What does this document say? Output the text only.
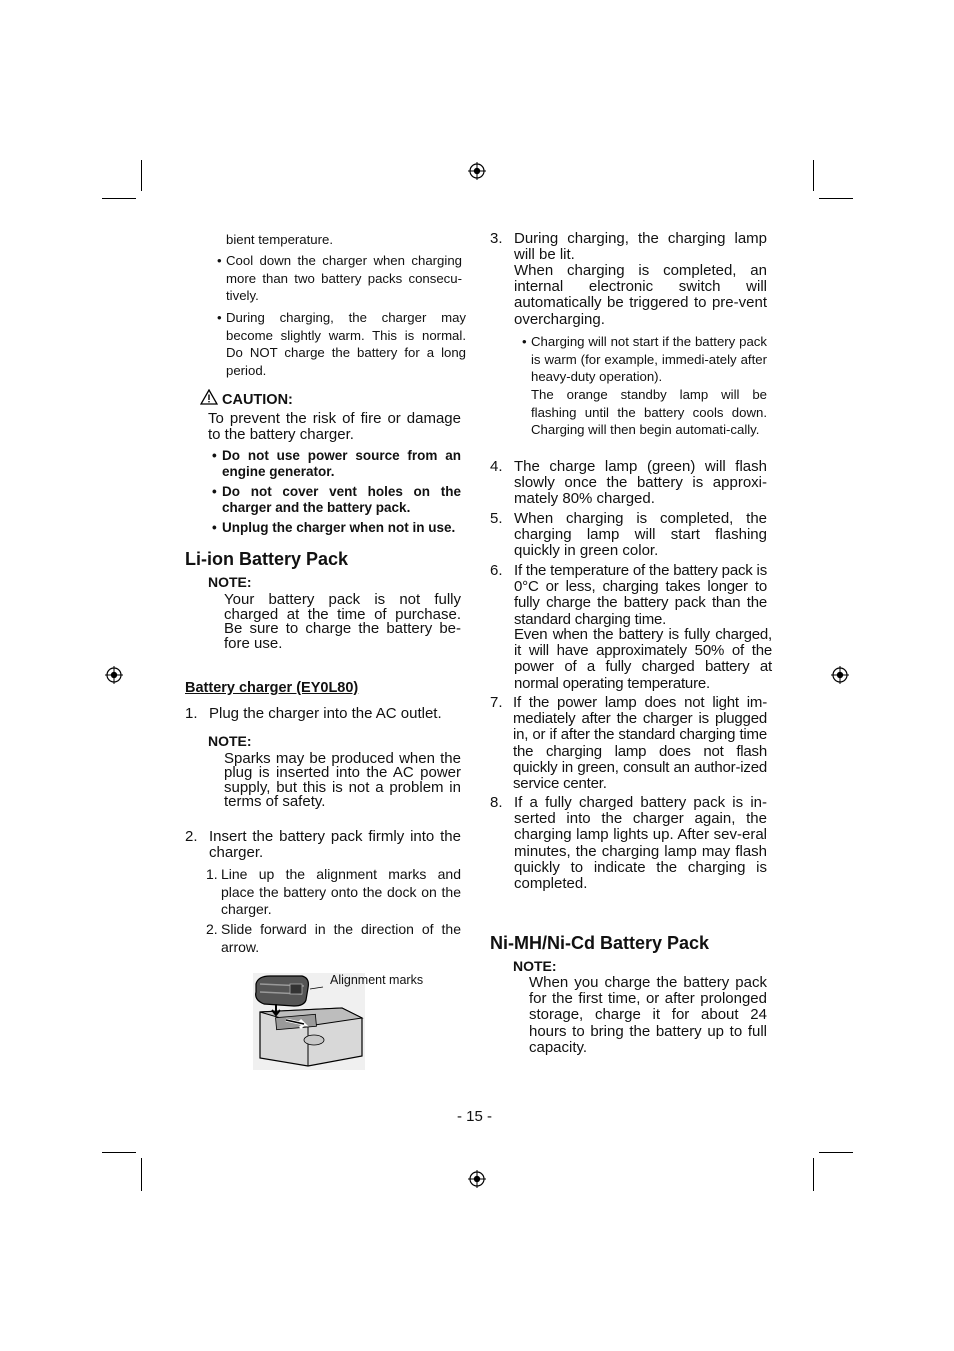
bient temperature.
• Cool down the charger when charging more than two battery packs consecu-tively.
• During charging, the charger may become slightly warm. This is normal. Do NOT charge the battery for a long period.
CAUTION:
To prevent the risk of fire or damage to the battery charger.
• Do not use power source from an engine generator.
• Do not cover vent holes on the charger and the battery pack.
• Unplug the charger when not in use.
Li-ion Battery Pack
NOTE:
Your battery pack is not fully charged at the time of purchase. Be sure to charge the battery be-fore use.
Battery charger (EY0L80)
1. Plug the charger into the AC outlet.
NOTE:
Sparks may be produced when the plug is inserted into the AC power supply, but this is not a problem in terms of safety.
2. Insert the battery pack firmly into the charger.
1. Line up the alignment marks and place the battery onto the dock on the charger.
2. Slide forward in the direction of the arrow.
Alignment marks
3. During charging, the charging lamp will be lit.
When charging is completed, an internal electronic switch will automatically be triggered to pre-vent overcharging.
• Charging will not start if the battery pack is warm (for example, immedi-ately after heavy-duty operation).
The orange standby lamp will be flashing until the battery cools down. Charging will then begin automati-cally.
4. The charge lamp (green) will flash slowly once the battery is approxi-mately 80% charged.
5. When charging is completed, the charging lamp will start flashing quickly in green color.
6. If the temperature of the battery pack is 0°C or less, charging takes longer to fully charge the battery pack than the standard charging time.
Even when the battery is fully charged, it will have approximately 50% of the power of a fully charged battery at normal operating temperature.
7. If the power lamp does not light im-mediately after the charger is plugged in, or if after the standard charging time the charging lamp does not flash quickly in green, consult an author-ized service center.
8. If a fully charged battery pack is in-serted into the charger again, the charging lamp lights up. After sev-eral minutes, the charging lamp may flash quickly to indicate the charging is completed.
Ni-MH/Ni-Cd Battery Pack
NOTE:
When you charge the battery pack for the first time, or after prolonged storage, charge it for about 24 hours to bring the battery up to full capacity.
- 15 -
